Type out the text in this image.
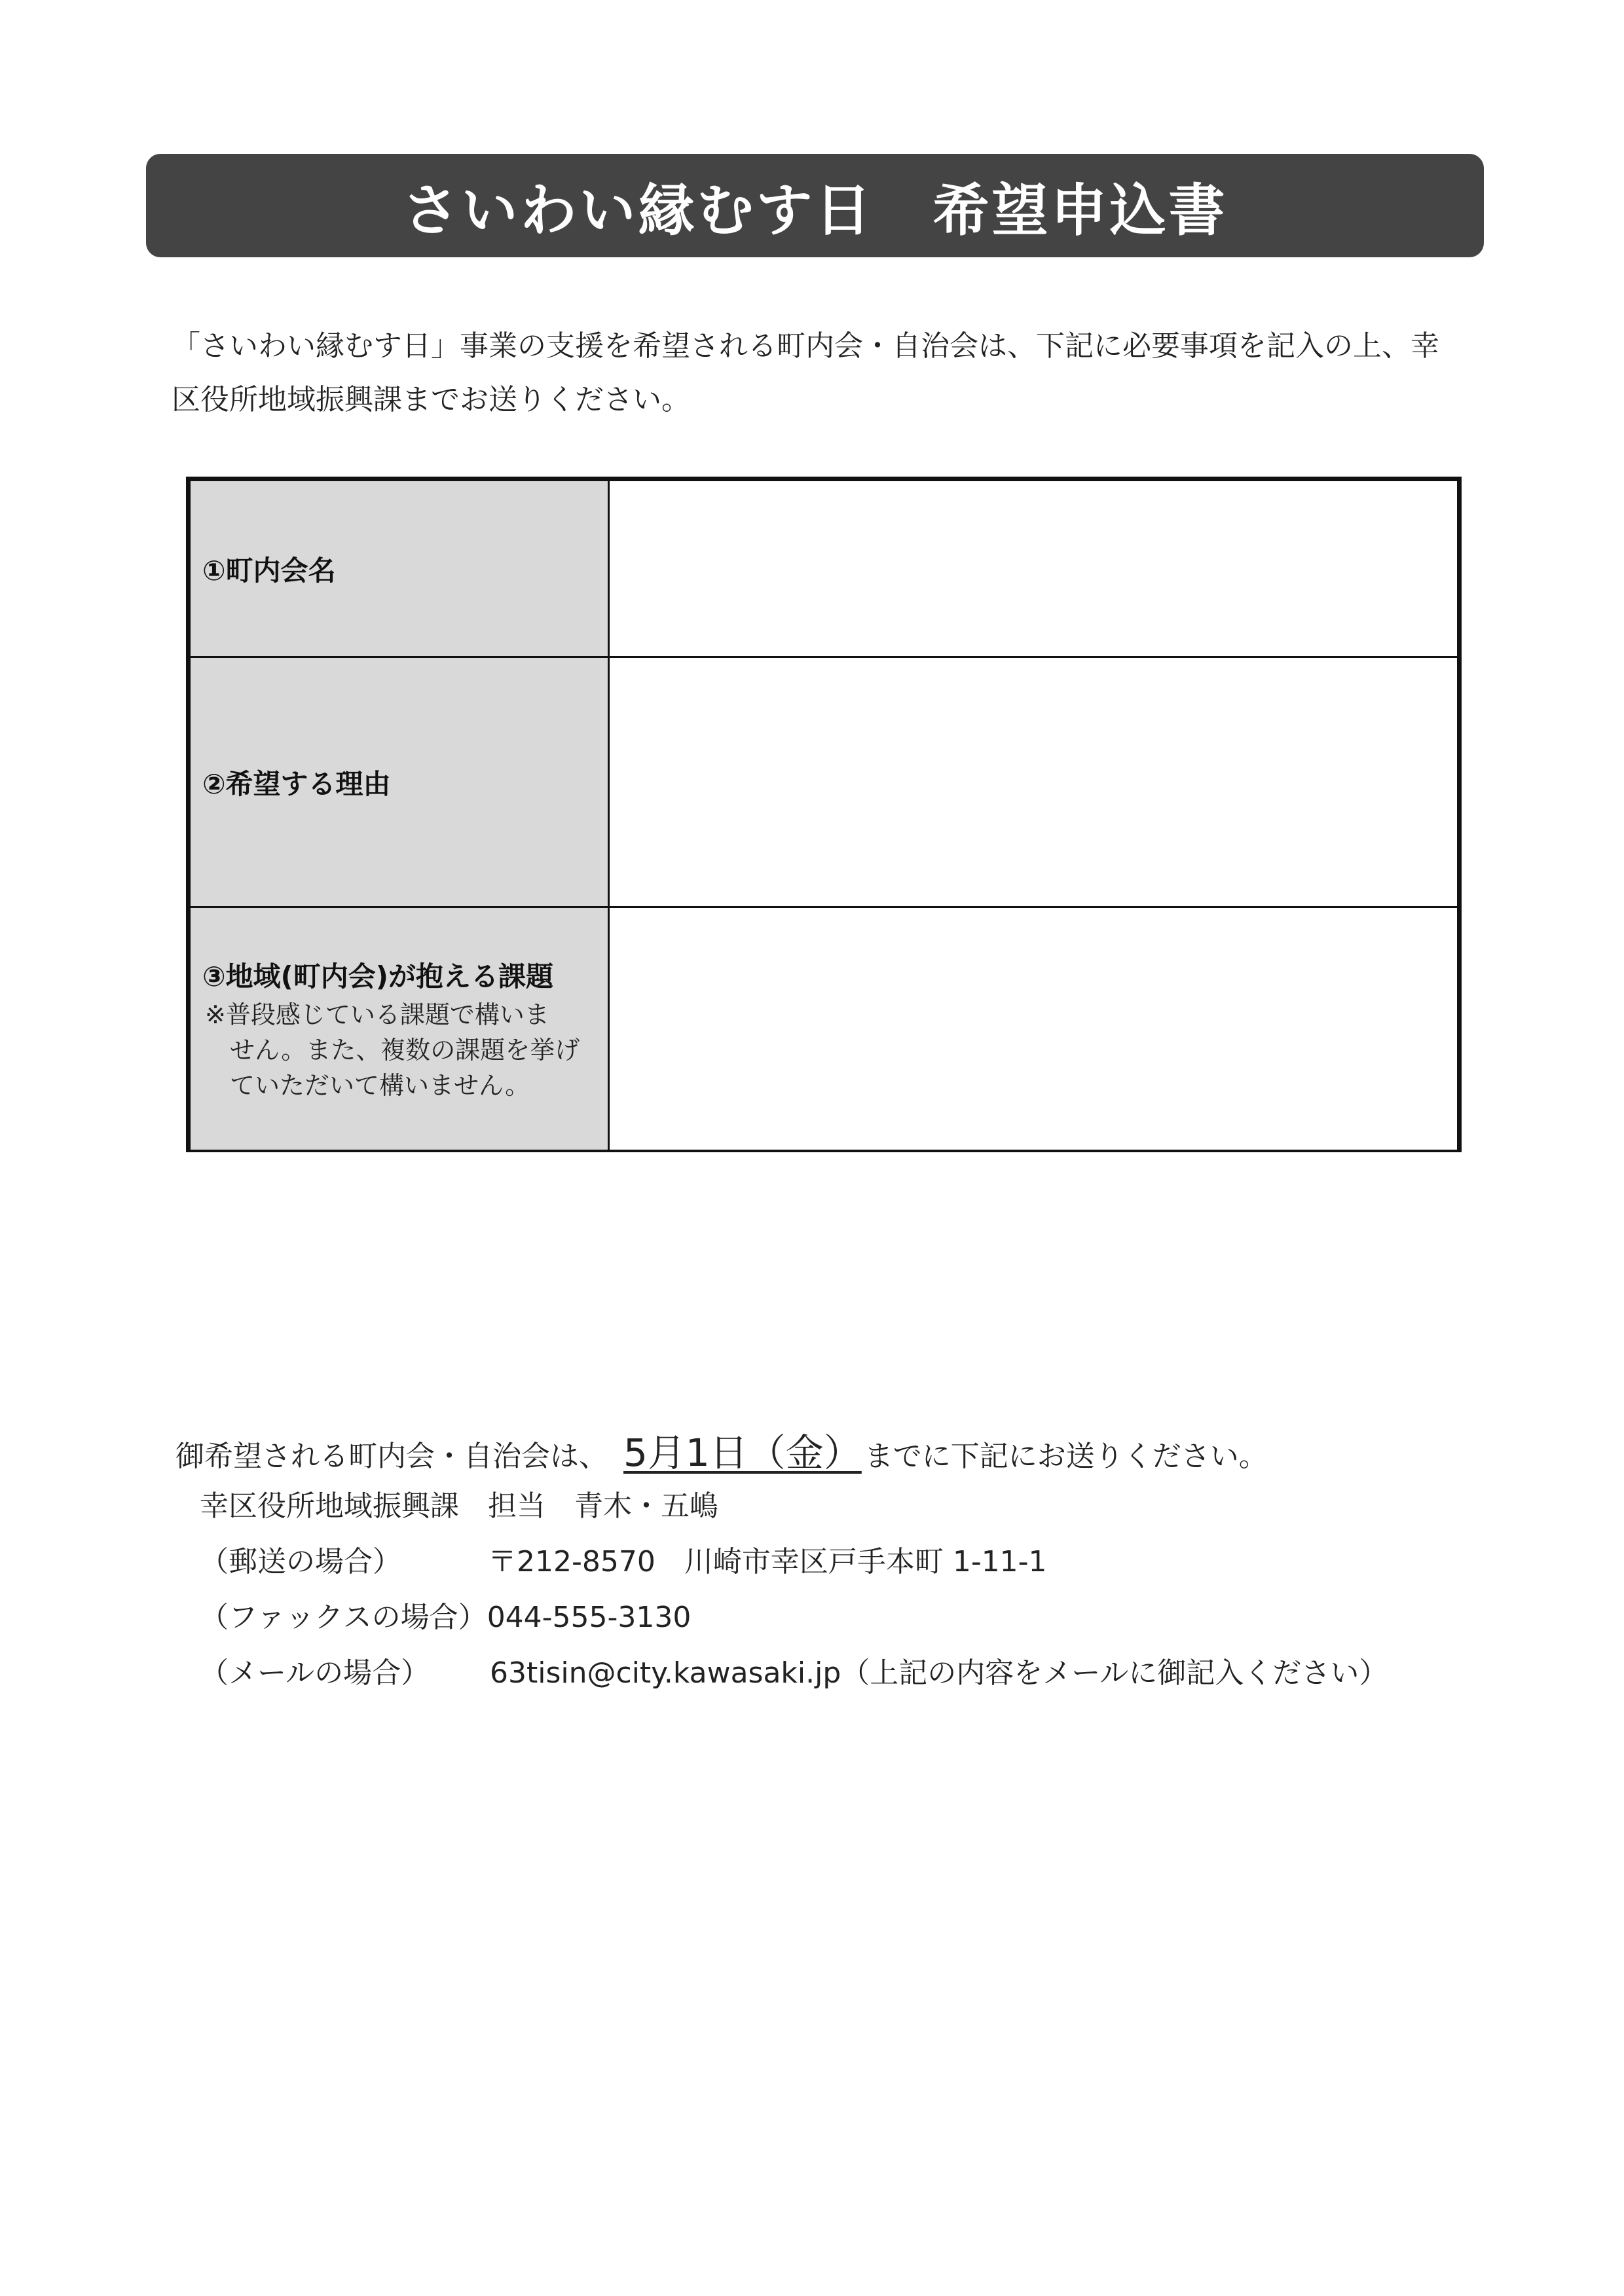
さいわい縁むす日　希望申込書
「さいわい縁むす日」事業の支援を希望される町内会・自治会は、下記に必要事項を記入の上、幸
区役所地域振興課までお送りください。
①町内会名
②希望する理由
③地域(町内会)が抱える課題
※普段感じている課題で構いま
せん。また、複数の課題を挙げ
ていただいて構いません。
御希望される町内会・自治会は、 5月1日（金） までに下記にお送りください。
幸区役所地域振興課　担当　青木・五嶋
（郵送の場合）	〒212-8570　川崎市幸区戸手本町 1-11-1
（ファックスの場合） 044-555-3130
（メールの場合）	63tisin@city.kawasaki.jp（上記の内容をメールに御記入ください）
